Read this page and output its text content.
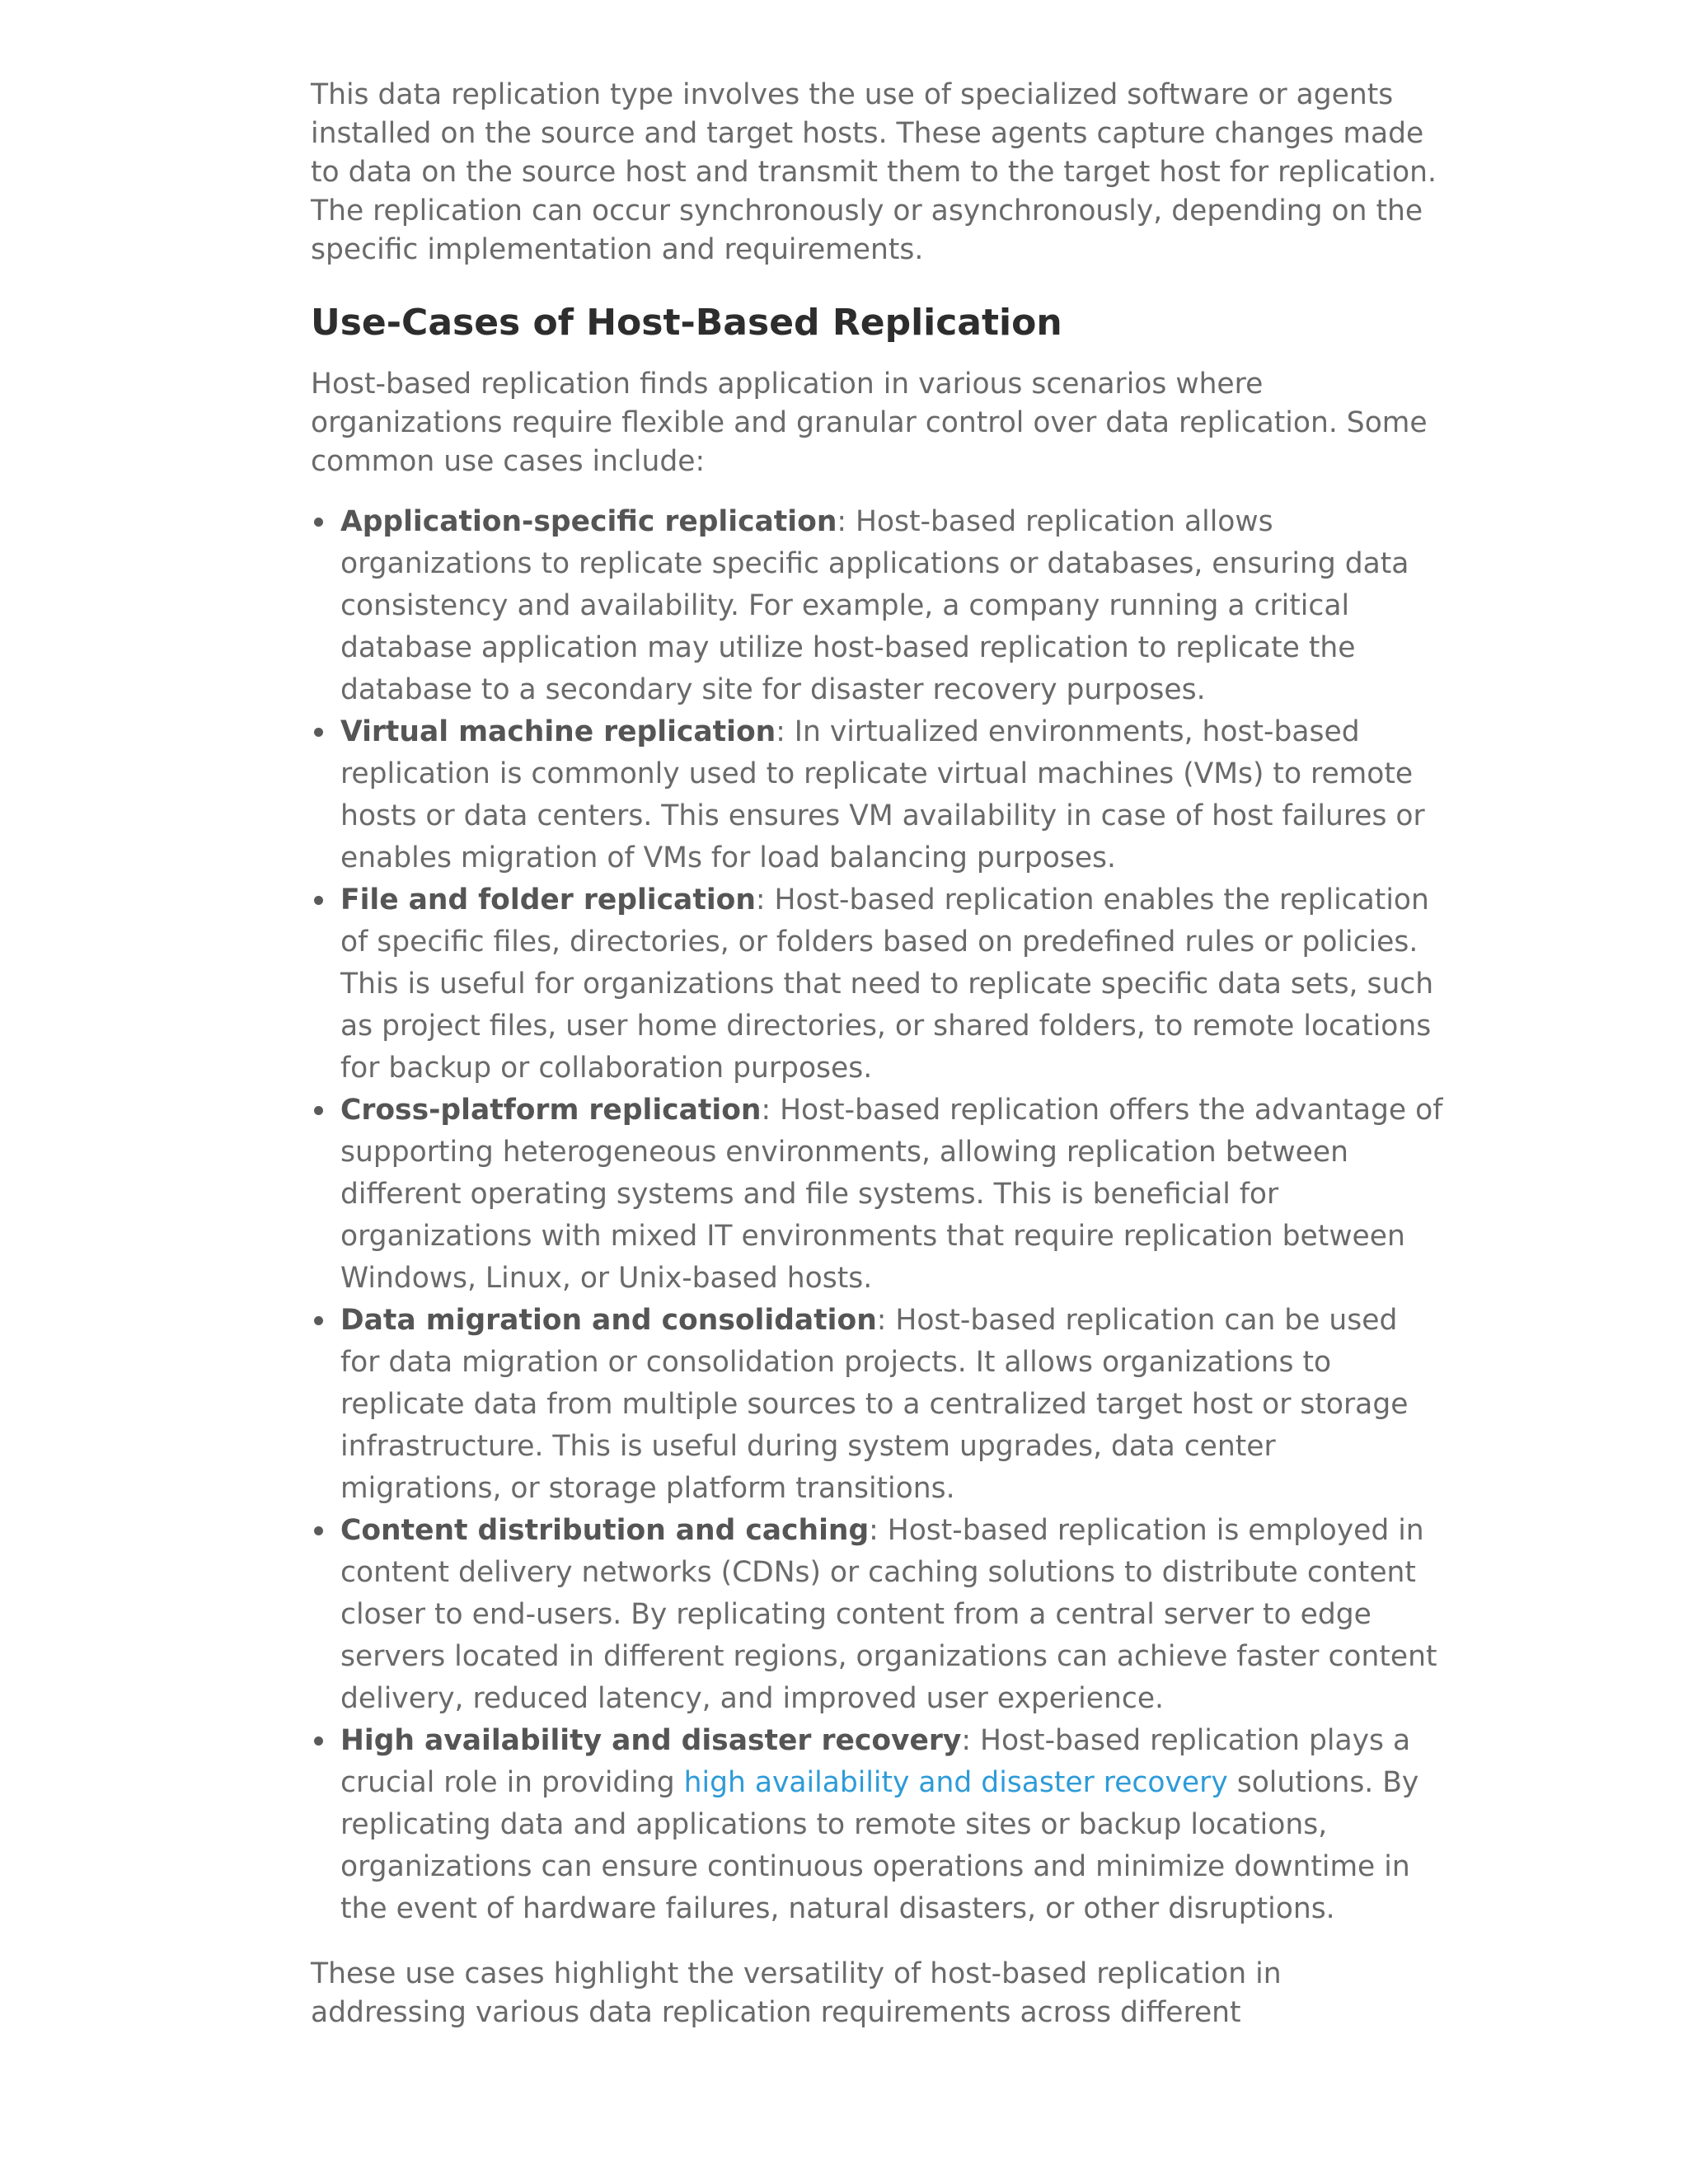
This data replication type involves the use of specialized software or agents installed on the source and target hosts. These agents capture changes made to data on the source host and transmit them to the target host for replication. The replication can occur synchronously or asynchronously, depending on the specific implementation and requirements.

Use-Cases of Host-Based Replication

Host-based replication finds application in various scenarios where organizations require flexible and granular control over data replication. Some common use cases include:

Application-specific replication: Host-based replication allows organizations to replicate specific applications or databases, ensuring data consistency and availability. For example, a company running a critical database application may utilize host-based replication to replicate the database to a secondary site for disaster recovery purposes.
Virtual machine replication: In virtualized environments, host-based replication is commonly used to replicate virtual machines (VMs) to remote hosts or data centers. This ensures VM availability in case of host failures or enables migration of VMs for load balancing purposes.
File and folder replication: Host-based replication enables the replication of specific files, directories, or folders based on predefined rules or policies. This is useful for organizations that need to replicate specific data sets, such as project files, user home directories, or shared folders, to remote locations for backup or collaboration purposes.
Cross-platform replication: Host-based replication offers the advantage of supporting heterogeneous environments, allowing replication between different operating systems and file systems. This is beneficial for organizations with mixed IT environments that require replication between Windows, Linux, or Unix-based hosts.
Data migration and consolidation: Host-based replication can be used for data migration or consolidation projects. It allows organizations to replicate data from multiple sources to a centralized target host or storage infrastructure. This is useful during system upgrades, data center migrations, or storage platform transitions.
Content distribution and caching: Host-based replication is employed in content delivery networks (CDNs) or caching solutions to distribute content closer to end-users. By replicating content from a central server to edge servers located in different regions, organizations can achieve faster content delivery, reduced latency, and improved user experience.
High availability and disaster recovery: Host-based replication plays a crucial role in providing high availability and disaster recovery solutions. By replicating data and applications to remote sites or backup locations, organizations can ensure continuous operations and minimize downtime in the event of hardware failures, natural disasters, or other disruptions.

These use cases highlight the versatility of host-based replication in addressing various data replication requirements across different
